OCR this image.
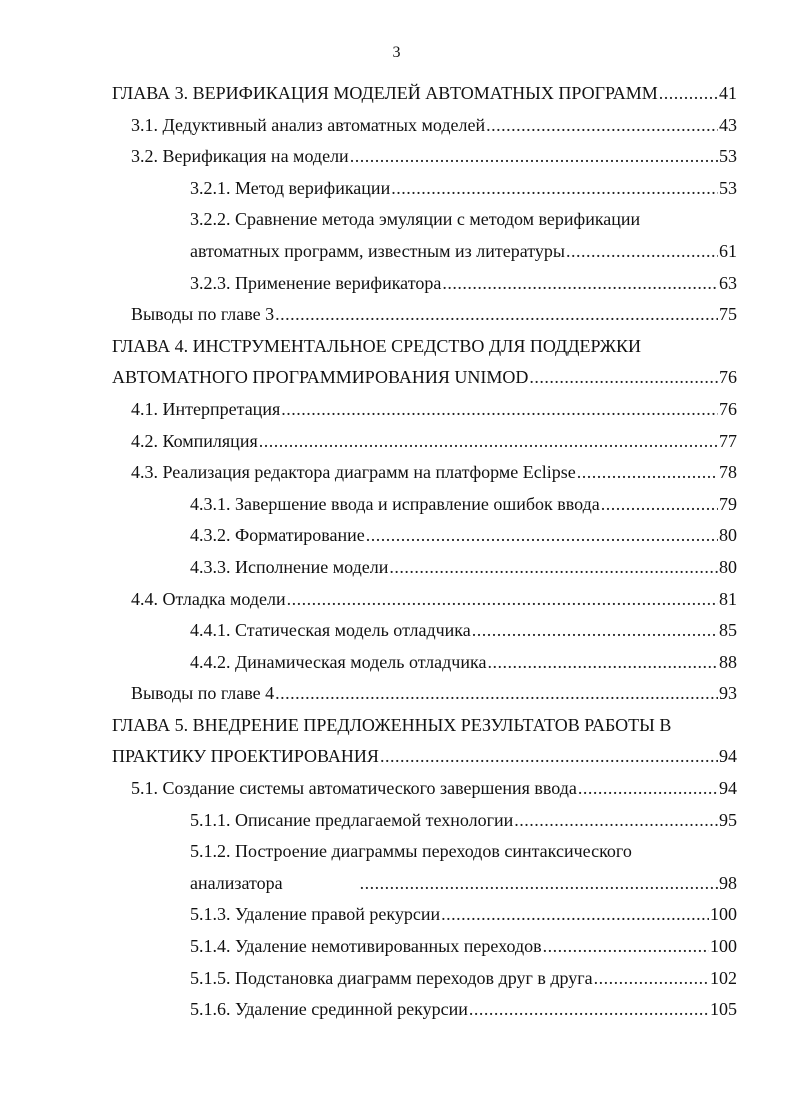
3
ГЛАВА 3. ВЕРИФИКАЦИЯ МОДЕЛЕЙ АВТОМАТНЫХ ПРОГРАММ .....	41
3.1. Дедуктивный анализ автоматных моделей .....	43
3.2. Верификация на модели .....	53
3.2.1. Метод верификации .....	53
3.2.2. Сравнение метода эмуляции с методом верификации
автоматных программ, известным из литературы .....	61
3.2.3. Применение верификатора .....	63
Выводы по главе 3 .....	75
ГЛАВА 4. ИНСТРУМЕНТАЛЬНОЕ СРЕДСТВО ДЛЯ ПОДДЕРЖКИ
АВТОМАТНОГО ПРОГРАММИРОВАНИЯ UNIMOD .....	76
4.1. Интерпретация .....	76
4.2. Компиляция .....	77
4.3. Реализация редактора диаграмм на платформе Eclipse .....	78
4.3.1. Завершение ввода и исправление ошибок ввода .....	79
4.3.2. Форматирование .....	80
4.3.3. Исполнение модели .....	80
4.4. Отладка модели .....	81
4.4.1. Статическая модель отладчика .....	85
4.4.2. Динамическая модель отладчика .....	88
Выводы по главе 4 .....	93
ГЛАВА 5. ВНЕДРЕНИЕ ПРЕДЛОЖЕННЫХ РЕЗУЛЬТАТОВ РАБОТЫ В
ПРАКТИКУ ПРОЕКТИРОВАНИЯ .....	94
5.1. Создание системы автоматического завершения ввода .....	94
5.1.1. Описание предлагаемой технологии .....	95
5.1.2. Построение диаграммы переходов синтаксического
анализатора .....	98
5.1.3. Удаление правой рекурсии .....	100
5.1.4. Удаление немотивированных переходов .....	100
5.1.5. Подстановка диаграмм переходов друг в друга .....	102
5.1.6. Удаление срединной рекурсии .....	105
